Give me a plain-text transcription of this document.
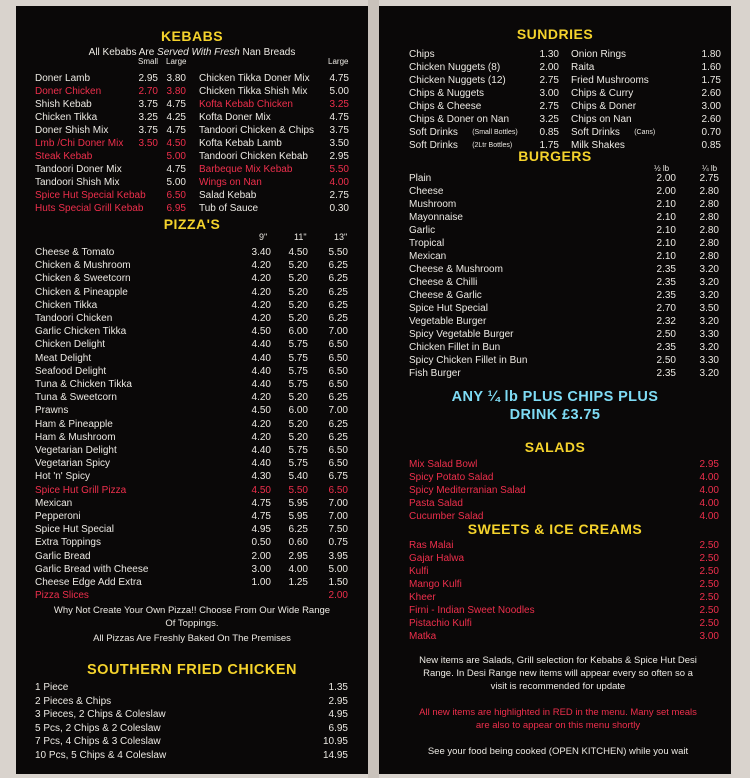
KEBABS
All Kebabs Are Served With Fresh Nan Breads
Small Large	Large
Doner Lamb	2.95 3.80
Doner Chicken	2.70 3.80
Shish Kebab	3.75 4.75
Chicken Tikka	3.25 4.25
Doner Shish Mix	3.75 4.75
Lmb /Chi Doner Mix 3.50 4.50
Steak Kebab	5.00
Tandoori Doner Mix	4.75
Tandoori Shish Mix	5.00
Spice Hut Special Kebab 6.50
Huts Special Grill Kebab 6.95
Chicken Tikka Doner Mix 4.75
Chicken Tikka Shish Mix 5.00
Kofta Kebab Chicken	3.25
Kofta Doner Mix	4.75
Tandoori Chicken & Chips 3.75
Kofta Kebab Lamb	3.50
Tandoori Chicken Kebab 2.95
Barbeque Mix Kebab	5.50
Wings on Nan	4.00
Salad Kebab	2.75
Tub of Sauce	0.30
PIZZA'S
9"	11"	13"
Cheese & Tomato	3.40 4.50 5.50
Chicken & Mushroom	4.20 5.20 6.25
Chicken & Sweetcorn	4.20 5.20 6.25
Chicken & Pineapple	4.20 5.20 6.25
Chicken Tikka	4.20 5.20 6.25
Tandoori Chicken	4.20 5.20 6.25
Garlic Chicken Tikka	4.50 6.00 7.00
Chicken Delight	4.40 5.75 6.50
Meat Delight	4.40 5.75 6.50
Seafood Delight	4.40 5.75 6.50
Tuna & Chicken Tikka	4.40 5.75 6.50
Tuna & Sweetcorn	4.20 5.20 6.25
Prawns	4.50 6.00 7.00
Ham & Pineapple	4.20 5.20 6.25
Ham & Mushroom	4.20 5.20 6.25
Vegetarian Delight	4.40 5.75 6.50
Vegetarian Spicy	4.40 5.75 6.50
Hot 'n' Spicy	4.30 5.40 6.75
Spice Hut Grill Pizza	4.50 5.50 6.50
Mexican	4.75 5.95 7.00
Pepperoni	4.75 5.95 7.00
Spice Hut Special	4.95 6.25 7.50
Extra Toppings	0.50 0.60 0.75
Garlic Bread	2.00 2.95 3.95
Garlic Bread with Cheese	3.00 4.00 5.00
Cheese Edge Add Extra	1.00 1.25 1.50
Pizza Slices	2.00
Why Not Create Your Own Pizza!! Choose From Our Wide Range
Of Toppings.
All Pizzas Are Freshly Baked On The Premises
SOUTHERN FRIED CHICKEN
1 Piece	1.35
2 Pieces & Chips	2.95
3 Pieces, 2 Chips & Coleslaw	4.95
5 Pcs, 2 Chips & 2 Coleslaw	6.95
7 Pcs, 4 Chips & 3 Coleslaw	10.95
10 Pcs, 5 Chips & 4 Coleslaw	14.95
SUNDRIES
Chips	1.30
Chicken Nuggets (8)	2.00
Chicken Nuggets (12)	2.75
Chips & Nuggets	3.00
Chips & Cheese	2.75
Chips & Doner on Nan	3.25
Soft Drinks	0.85
(Small Bottles)
Soft Drinks	1.75
(2Ltr Bottles)
Onion Rings	1.80
Raita	1.60
Fried Mushrooms	1.75
Chips & Curry	2.60
Chips & Doner	3.00
Chips on Nan	2.60
Soft Drinks	0.70
(Cans)
Milk Shakes	0.85
BURGERS
½ lb	¼ lb
Plain	2.00 2.75
Cheese	2.00 2.80
Mushroom	2.10 2.80
Mayonnaise	2.10 2.80
Garlic	2.10 2.80
Tropical	2.10 2.80
Mexican	2.10 2.80
Cheese & Mushroom	2.35 3.20
Cheese & Chilli	2.35 3.20
Cheese & Garlic	2.35 3.20
Spice Hut Special	2.70 3.50
Vegetable Burger	2.32 3.20
Spicy Vegetable Burger	2.50 3.30
Chicken Fillet in Bun	2.35 3.20
Spicy Chicken Fillet in Bun	2.50 3.30
Fish Burger	2.35 3.20
ANY ¼ lb PLUS CHIPS PLUS
DRINK £3.75
SALADS
Mix Salad Bowl	2.95
Spicy Potato Salad	4.00
Spicy Mediterranian Salad	4.00
Pasta Salad	4.00
Cucumber Salad	4.00
SWEETS & ICE CREAMS
Ras Malai	2.50
Gajar Halwa	2.50
Kulfi	2.50
Mango Kulfi	2.50
Kheer	2.50
Firni - Indian Sweet Noodles	2.50
Pistachio Kulfi	2.50
Matka	3.00
New items are Salads, Grill selection for Kebabs & Spice Hut Desi
Range. In Desi Range new items will appear every so often so a
visit is recommended for update
All new items are highlighted in RED in the menu. Many set meals
are also to appear on this menu shortly
See your food being cooked (OPEN KITCHEN) while you wait
